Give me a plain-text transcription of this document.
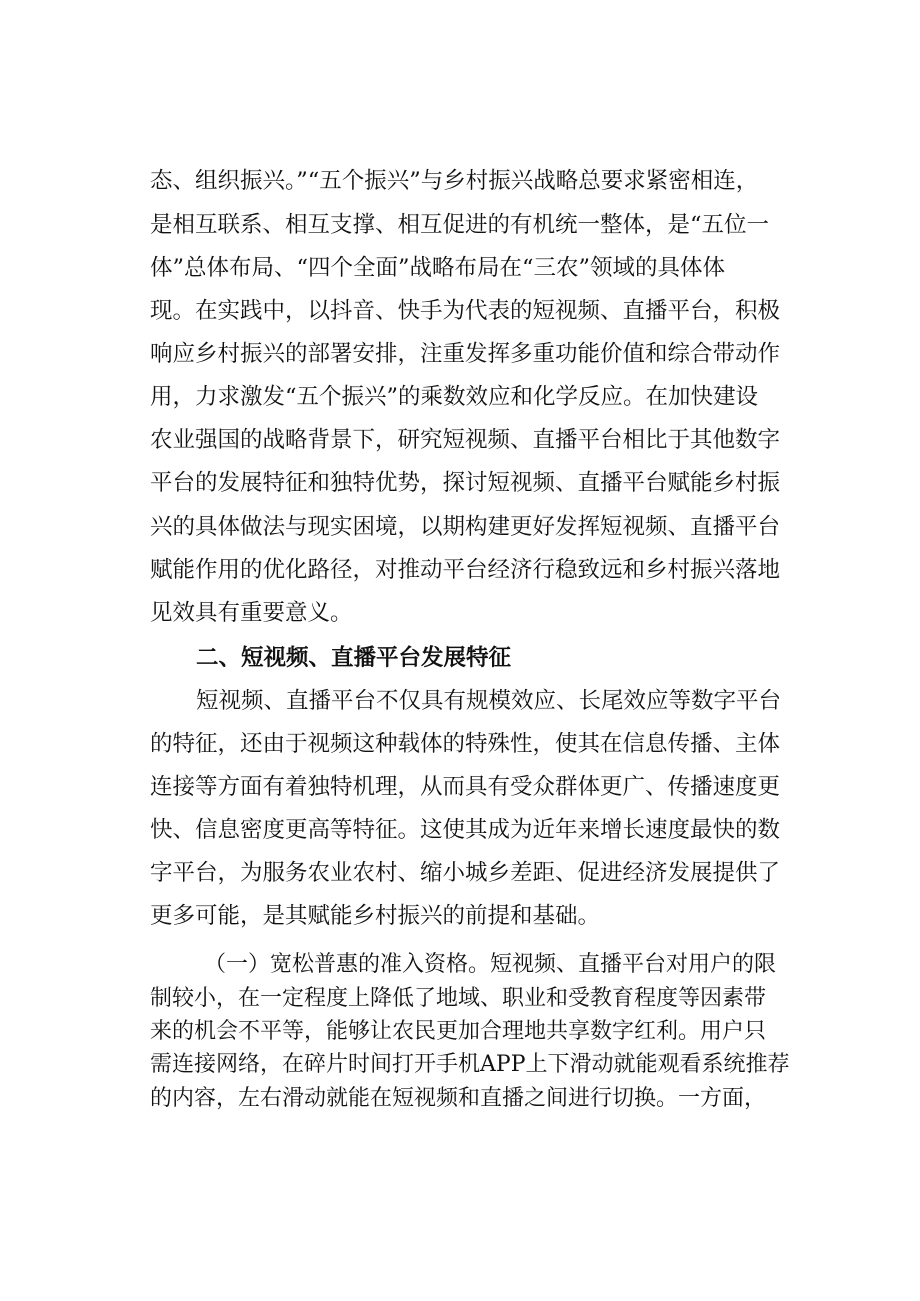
态、组织振兴。”“五个振兴”与乡村振兴战略总要求紧密相连，
是相互联系、相互支撑、相互促进的有机统一整体，是“五位一
体”总体布局、“四个全面”战略布局在“三农”领域的具体体
现。在实践中，以抖音、快手为代表的短视频、直播平台，积极
响应乡村振兴的部署安排，注重发挥多重功能价值和综合带动作
用，力求激发“五个振兴”的乘数效应和化学反应。在加快建设
农业强国的战略背景下，研究短视频、直播平台相比于其他数字
平台的发展特征和独特优势，探讨短视频、直播平台赋能乡村振
兴的具体做法与现实困境，以期构建更好发挥短视频、直播平台
赋能作用的优化路径，对推动平台经济行稳致远和乡村振兴落地
见效具有重要意义。
二、短视频、直播平台发展特征
短视频、直播平台不仅具有规模效应、长尾效应等数字平台
的特征，还由于视频这种载体的特殊性，使其在信息传播、主体
连接等方面有着独特机理，从而具有受众群体更广、传播速度更
快、信息密度更高等特征。这使其成为近年来增长速度最快的数
字平台，为服务农业农村、缩小城乡差距、促进经济发展提供了
更多可能，是其赋能乡村振兴的前提和基础。
（一）宽松普惠的准入资格。短视频、直播平台对用户的限
制较小，在一定程度上降低了地域、职业和受教育程度等因素带
来的机会不平等，能够让农民更加合理地共享数字红利。用户只
需连接网络，在碎片时间打开手机APP上下滑动就能观看系统推荐
的内容，左右滑动就能在短视频和直播之间进行切换。一方面，
